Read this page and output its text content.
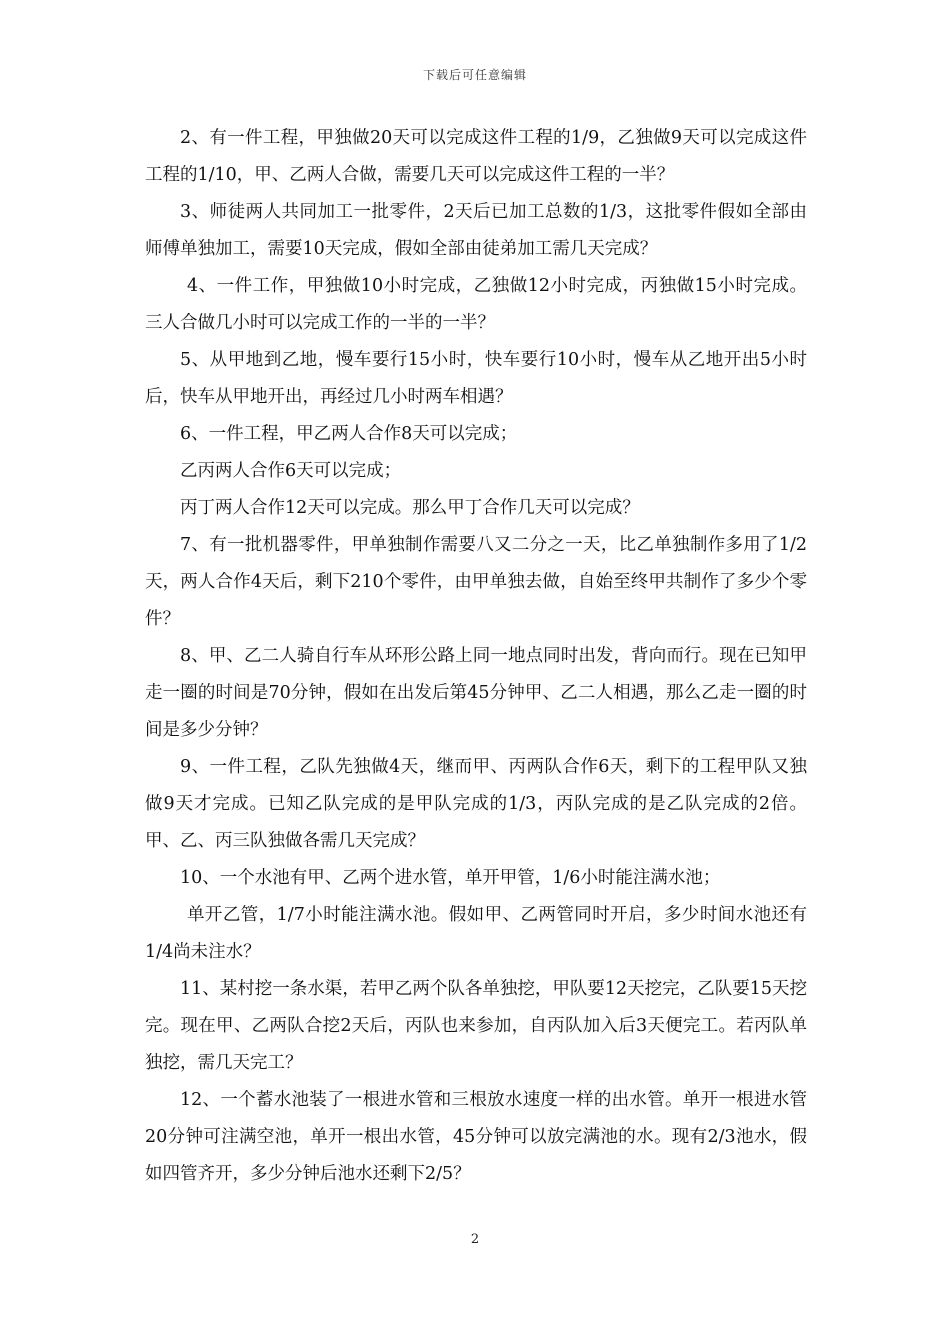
下载后可任意编辑

2、有一件工程，甲独做20天可以完成这件工程的1/9，乙独做9天可以完成这件工程的1/10，甲、乙两人合做，需要几天可以完成这件工程的一半？

3、师徒两人共同加工一批零件，2天后已加工总数的1/3，这批零件假如全部由师傅单独加工，需要10天完成，假如全部由徒弟加工需几天完成？

4、一件工作，甲独做10小时完成，乙独做12小时完成，丙独做15小时完成。三人合做几小时可以完成工作的一半的一半？

5、从甲地到乙地，慢车要行15小时，快车要行10小时，慢车从乙地开出5小时后，快车从甲地开出，再经过几小时两车相遇？

6、一件工程，甲乙两人合作8天可以完成；

乙丙两人合作6天可以完成；

丙丁两人合作12天可以完成。那么甲丁合作几天可以完成？

7、有一批机器零件，甲单独制作需要八又二分之一天，比乙单独制作多用了1/2天，两人合作4天后，剩下210个零件，由甲单独去做，自始至终甲共制作了多少个零件？

8、甲、乙二人骑自行车从环形公路上同一地点同时出发，背向而行。现在已知甲走一圈的时间是70分钟，假如在出发后第45分钟甲、乙二人相遇，那么乙走一圈的时间是多少分钟？

9、一件工程，乙队先独做4天，继而甲、丙两队合作6天，剩下的工程甲队又独做9天才完成。已知乙队完成的是甲队完成的1/3，丙队完成的是乙队完成的2倍。甲、乙、丙三队独做各需几天完成？

10、一个水池有甲、乙两个进水管，单开甲管，1/6小时能注满水池；

单开乙管，1/7小时能注满水池。假如甲、乙两管同时开启，多少时间水池还有1/4尚未注水？

11、某村挖一条水渠，若甲乙两个队各单独挖，甲队要12天挖完，乙队要15天挖完。现在甲、乙两队合挖2天后，丙队也来参加，自丙队加入后3天便完工。若丙队单独挖，需几天完工？

12、一个蓄水池装了一根进水管和三根放水速度一样的出水管。单开一根进水管20分钟可注满空池，单开一根出水管，45分钟可以放完满池的水。现有2/3池水，假如四管齐开，多少分钟后池水还剩下2/5？

2
